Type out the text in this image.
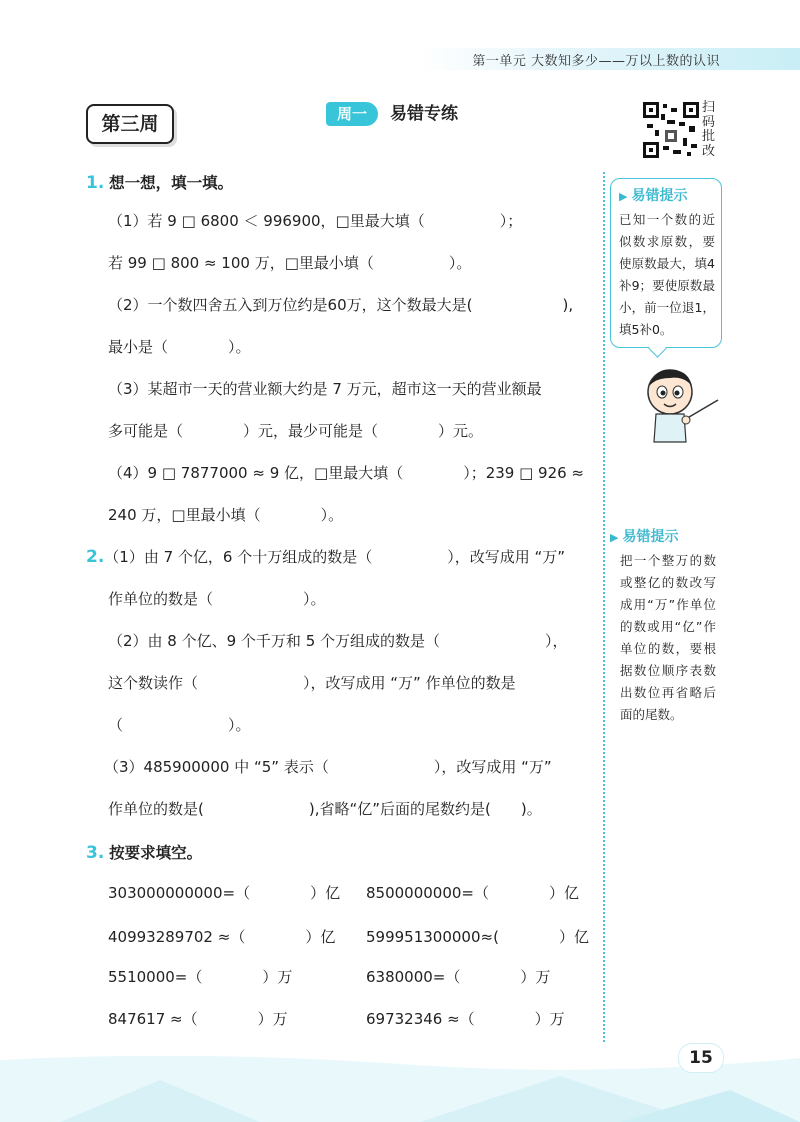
第一单元 大数知多少——万以上数的认识
第三周	周一	易错专练	扫码批改
▶ 易错提示
已知一个数的近似数求原数，要使原数最大，填4补9；要使原数最小，前一位退1，填5补0。
▶ 易错提示
把一个整万的数或整亿的数改写成用“万”作单位的数或用“亿”作单位的数，要根据数位顺序表数出数位再省略后面的尾数。
1. 想一想，填一填。
（1）若 9 □ 6800 ＜ 996900，□里最大填（　　　　　）；
若 99 □ 800 ≈ 100 万，□里最小填（　　　　　）。
（2）一个数四舍五入到万位约是60万，这个数最大是(　　　　　　),
最小是（　　　　）。
（3）某超市一天的营业额大约是 7 万元，超市这一天的营业额最
多可能是（　　　　）元，最少可能是（　　　　）元。
（4）9 □ 7877000 ≈ 9 亿，□里最大填（　　　　）；239 □ 926 ≈
240 万，□里最小填（　　　　）。
2.（1）由 7 个亿，6 个十万组成的数是（　　　　　），改写成用 “万”
作单位的数是（　　　　　　）。
（2）由 8 个亿、9 个千万和 5 个万组成的数是（　　　　　　　），
这个数读作（　　　　　　　），改写成用 “万” 作单位的数是
（　　　　　　　）。
（3）485900000 中 “5” 表示（　　　　　　　），改写成用 “万”
作单位的数是(　　　　　　　),省略“亿”后面的尾数约是(　　)。
3. 按要求填空。
303000000000=（　　　　）亿 8500000000=（　　　　）亿
40993289702 ≈（　　　　）亿 599951300000≈(　　　　）亿
5510000=（　　　　）万	6380000=（　　　　）万
847617 ≈（　　　　）万	69732346 ≈（　　　　）万
15
